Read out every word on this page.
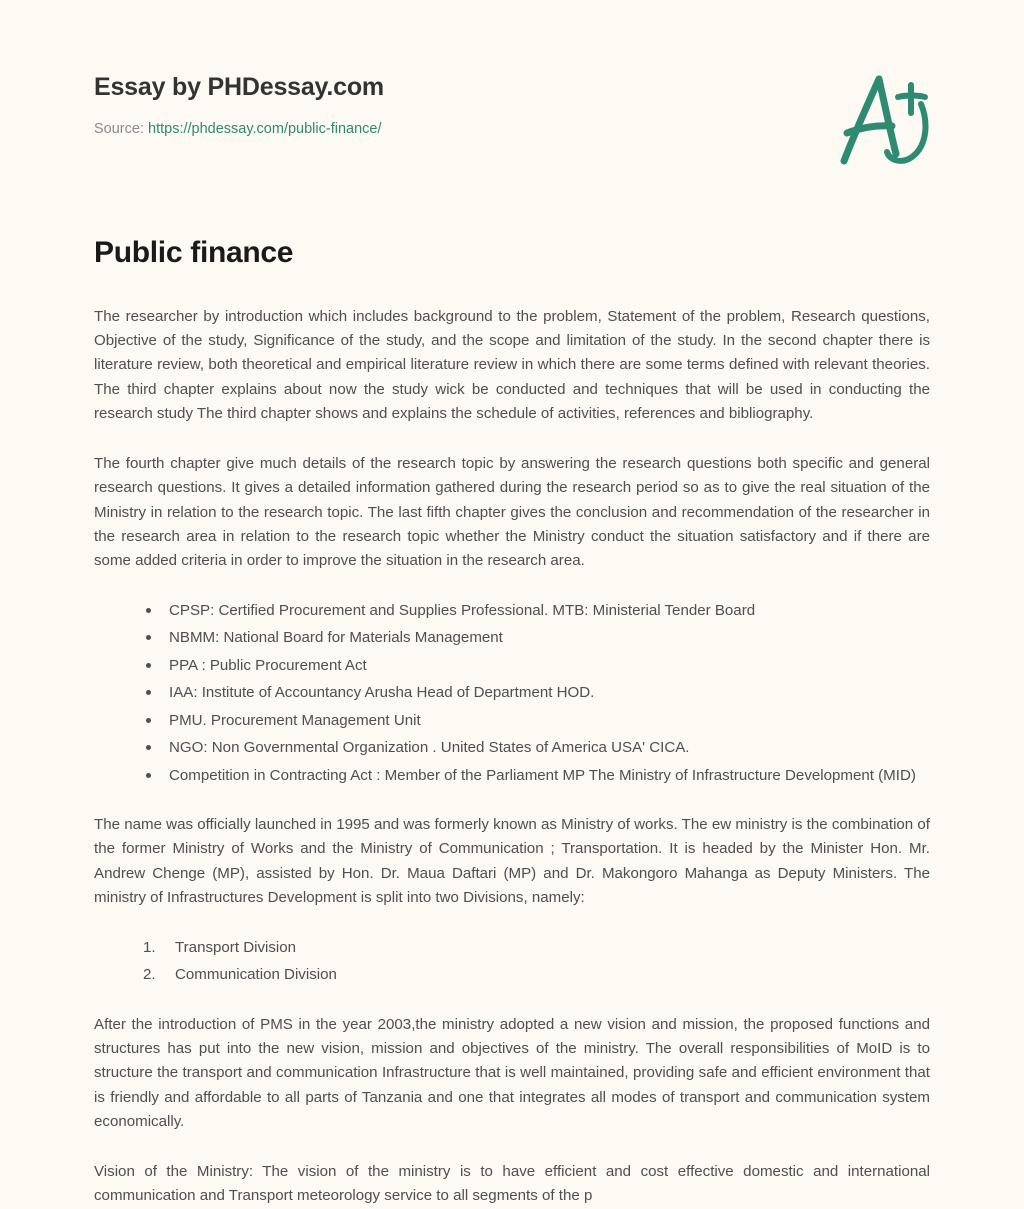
Essay by PHDessay.com
Source: https://phdessay.com/public-finance/
Public finance

The researcher by introduction which includes background to the problem, Statement of the problem, Research questions, Objective of the study, Significance of the study, and the scope and limitation of the study. In the second chapter there is literature review, both theoretical and empirical literature review in which there are some terms defined with relevant theories. The third chapter explains about now the study wick be conducted and techniques that will be used in conducting the research study The third chapter shows and explains the schedule of activities, references and bibliography.

The fourth chapter give much details of the research topic by answering the research questions both specific and general research questions. It gives a detailed information gathered during the research period so as to give the real situation of the Ministry in relation to the research topic. The last fifth chapter gives the conclusion and recommendation of the researcher in the research area in relation to the research topic whether the Ministry conduct the situation satisfactory and if there are some added criteria in order to improve the situation in the research area.

CPSP: Certified Procurement and Supplies Professional. MTB: Ministerial Tender Board
NBMM: National Board for Materials Management
PPA : Public Procurement Act
IAA: Institute of Accountancy Arusha Head of Department HOD.
PMU. Procurement Management Unit
NGO: Non Governmental Organization . United States of America USA' CICA.
Competition in Contracting Act : Member of the Parliament MP The Ministry of Infrastructure Development (MID)

The name was officially launched in 1995 and was formerly known as Ministry of works. The ew ministry is the combination of the former Ministry of Works and the Ministry of Communication ; Transportation. It is headed by the Minister Hon. Mr. Andrew Chenge (MP), assisted by Hon. Dr. Maua Daftari (MP) and Dr. Makongoro Mahanga as Deputy Ministers. The ministry of Infrastructures Development is split into two Divisions, namely:

Transport Division
Communication Division

After the introduction of PMS in the year 2003,the ministry adopted a new vision and mission, the proposed functions and structures has put into the new vision, mission and objectives of the ministry. The overall responsibilities of MoID is to structure the transport and communication Infrastructure that is well maintained, providing safe and efficient environment that is friendly and affordable to all parts of Tanzania and one that integrates all modes of transport and communication system economically.

Vision of the Ministry: The vision of the ministry is to have efficient and cost effective domestic and international communication and Transport meteorology service to all segments of the p
